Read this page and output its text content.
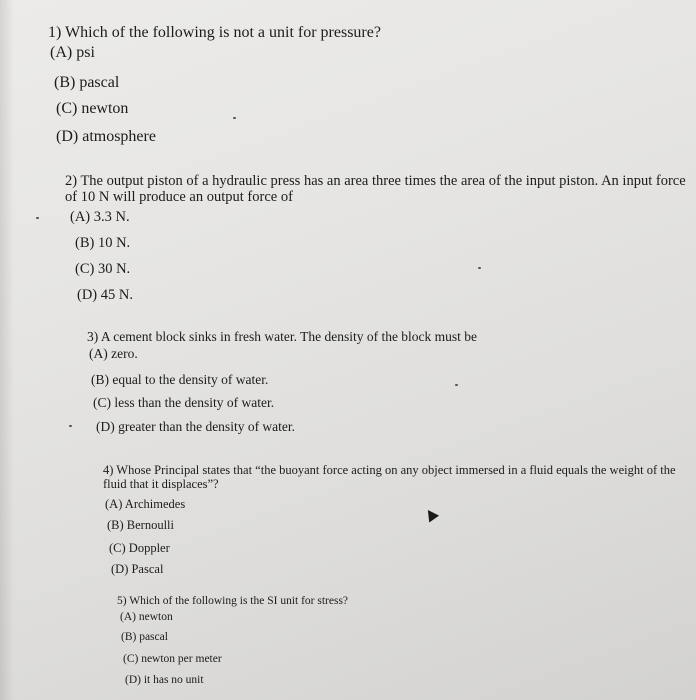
1) Which of the following is not a unit for pressure?

(A) psi

(B) pascal

(C) newton

(D) atmosphere

2) The output piston of a hydraulic press has an area three times the area of the input piston. An input force of 10 N will produce an output force of

(A) 3.3 N.

(B) 10 N.

(C) 30 N.

(D) 45 N.

3) A cement block sinks in fresh water. The density of the block must be

(A) zero.

(B) equal to the density of water.

(C) less than the density of water.

(D) greater than the density of water.

4) Whose Principal states that “the buoyant force acting on any object immersed in a fluid equals the weight of the fluid that it displaces”?

(A) Archimedes

(B) Bernoulli

(C) Doppler

(D) Pascal

5) Which of the following is the SI unit for stress?

(A) newton

(B) pascal

(C) newton per meter

(D) it has no unit
